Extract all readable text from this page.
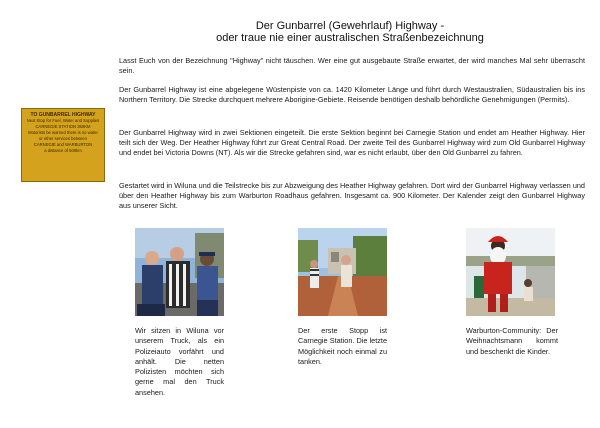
Der Gunbarrel (Gewehrlauf) Highway -
oder traue nie einer australischen Straßenbezeichnung

Lasst Euch von der Bezeichnung "Highway" nicht täuschen. Wer eine gut ausgebaute Straße erwartet, der wird manches Mal sehr überrascht sein.

Der Gunbarrel Highway ist eine abgelegene Wüstenpiste von ca. 1420 Kilometer Länge und führt durch Westaustralien, Südaustralien bis ins Northern Territory. Die Strecke durchquert mehrere Aborigine-Gebiete. Reisende benötigen deshalb behördliche Genehmigungen (Permits).

Der Gunbarrel Highway wird in zwei Sektionen eingeteilt. Die erste Sektion beginnt bei Carnegie Station und endet am Heather Highway. Hier teilt sich der Weg. Der Heather Highway führt zur Great Central Road. Der zweite Teil des Gunbarrel Highway wird zum Old Gunbarrel Highway und endet bei Victoria Downs (NT). Als wir die Strecke gefahren sind, war es nicht erlaubt, über den Old Gunbarrel zu fahren.

Gestartet wird in Wiluna und die Teilstrecke bis zur Abzweigung des Heather Highway gefahren. Dort wird der Gunbarrel Highway verlassen und über den Heather Highway bis zum Warburton Roadhaus gefahren. Insgesamt ca. 900 Kilometer. Der Kalender zeigt den Gunbarrel Highway aus unserer Sicht.

TO GUNBARREL HIGHWAY
Next Stop for Fuel, Water and Supplies
CARNEGIE STATION 350KM
Motorists be warned there is no water
or other services between
CARNEGIE and WARBURTON
a distance of 500km

Wir sitzen in Wiluna vor unserem Truck, als ein Polizeiauto vorfährt und anhält. Die netten Polizisten möchten sich gerne mal den Truck ansehen.

Der erste Stopp ist Carnegie Station. Die letzte Möglichkeit noch einmal zu tanken.

Warburton-Community: Der Weihnachtsmann kommt und beschenkt die Kinder.
